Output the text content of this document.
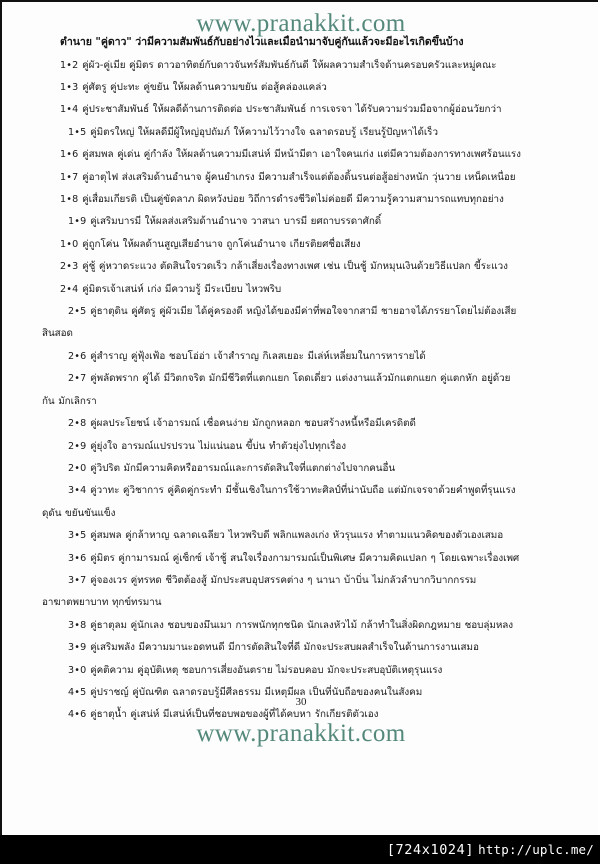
www.pranakkit.com
ตำนาย "คู่ดาว" ว่ามีความสัมพันธ์กับอย่างไวและเมื่อนำมาจับคู่กันแล้วจะมีอะไรเกิดขึ้นบ้าง
1•2 คู่ผัว-คู่เมีย คู่มิตร ดาวอาทิตย์กับดาวจันทร์สัมพันธ์กันดี ให้ผลความสำเร็จด้านครอบครัวและหมู่คณะ
1•3 คู่ศัตรู คู่ปะทะ คู่ขยัน ให้ผลด้านความขยัน ต่อสู้คล่องแคล่ว
1•4 คู่ประชาสัมพันธ์ ให้ผลดีด้านการติดต่อ ประชาสัมพันธ์ การเจรจา ได้รับความร่วมมือจากผู้อ่อนวัยกว่า
1•5 คู่มิตรใหญ่ ให้ผลดีมีผู้ใหญ่อุปถัมภ์ ให้ความไว้วางใจ ฉลาดรอบรู้ เรียนรู้ปัญหาได้เร็ว
1•6 คู่สมพล คู่เด่น คู่กำลัง ให้ผลด้านความมีเสน่ห์ มีหน้ามีตา เอาใจคนเก่ง แต่มีความต้องการทางเพศร้อนแรง
1•7 คู่อาตุไฟ ส่งเสริมด้านอำนาจ ผู้คนยำเกรง มีความสำเร็จแต่ต้องดิ้นรนต่อสู้อย่างหนัก วุ่นวาย เหน็ดเหนื่อย
1•8 คู่เสื่อมเกียรติ เป็นคู่ขัดลาภ ผิดหวังบ่อย วิถีการดำรงชีวิตไม่ค่อยดี มีความรู้ความสามารถแทบทุกอย่าง
1•9 คู่เสริมบารมี ให้ผลส่งเสริมด้านอำนาจ วาสนา บารมี ยศถาบรรดาศักดิ์
1•0 คู่ถูกโค่น ให้ผลด้านสูญเสียอำนาจ ถูกโค่นอำนาจ เกียรติยศชื่อเสียง
2•3 คู่ชู้ คู่หวาดระแวง ตัดสินใจรวดเร็ว กล้าเสี่ยงเรื่องทางเพศ เช่น เป็นชู้ มักหมุนเงินด้วยวิธีแปลก ขี้ระแวง
2•4 คู่มิตรเจ้าเสน่ห์ เก่ง มีความรู้ มีระเบียบ ไหวพริบ
2•5 คู่ธาตุดิน คู่ศัตรู คู่ผัวเมีย ได้คู่ครองดี หญิงได้ของมีค่าที่พอใจจากสามี ชายอาจได้ภรรยาโดยไม่ต้องเสีย
สินสอด
2•6 คู่สำราญ คู่ฟุ้งเฟ้อ ชอบโอ่อ่า เจ้าสำราญ กิเลสเยอะ มีเล่ห์เหลี่ยมในการหารายได้
2•7 คู่พลัดพราก คู่ได้ มีวิตกจริต มักมีชีวิตที่แตกแยก โดดเดี่ยว แต่งงานแล้วมักแตกแยก คู่แตกหัก อยู่ด้วย
กัน มักเลิกรา
2•8 คู่ผลประโยชน์ เจ้าอารมณ์ เชื่อคนง่าย มักถูกหลอก ชอบสร้างหนี้หรือมีเครดิตดี
2•9 คู่ยุ่งใจ อารมณ์แปรปรวน ไม่แน่นอน ขี้บ่น ทำตัวยุ่งไปทุกเรื่อง
2•0 คู่วิปริต มักมีความคิดหรืออารมณ์และการตัดสินใจที่แตกต่างไปจากคนอื่น
3•4 คู่วาทะ คู่วิชาการ คู่คิดคู่กระทำ มีชั้นเชิงในการใช้วาทะศิลป์ที่น่านับถือ แต่มักเจรจาด้วยคำพูดที่รุนแรง
ดุดัน ขยันขันแข็ง
3•5 คู่สมพล คู่กล้าหาญ ฉลาดเฉลียว ไหวพริบดี พลิกแพลงเก่ง หัวรุนแรง ทำตามแนวคิดของตัวเองเสมอ
3•6 คู่มิตร คู่กามารมณ์ คู่เซ็กซ์ เจ้าชู้ สนใจเรื่องกามารมณ์เป็นพิเศษ มีความคิดแปลก ๆ โดยเฉพาะเรื่องเพศ
3•7 คู่จองเวร คู่ทรหด ชีวิตต้องสู้ มักประสบอุปสรรคต่าง ๆ นานา บ้าบิ่น ไม่กลัวลำบากวิบากกรรม
อาฆาตพยาบาท ทุกข์ทรมาน
3•8 คู่ธาตุลม คู่นักเลง ชอบของมึนเมา การพนักทุกชนิด นักเลงหัวไม้ กล้าทำในสิ่งผิดกฎหมาย ชอบลุ่มหลง
3•9 คู่เสริมพลัง มีความมานะอดทนดี มีการตัดสินใจที่ดี มักจะประสบผลสำเร็จในด้านการงานเสมอ
3•0 คู่คติความ คู่อุบัติเหตุ ชอบการเสี่ยงอันตราย ไม่รอบคอบ มักจะประสบอุบัติเหตุรุนแรง
4•5 คู่ปราชญ์ คู่บัณฑิต ฉลาดรอบรู้มีศีลธรรม มีเหตุมีผล เป็นที่นับถือของคนในสังคม
4•6 คู่ธาตุน้ำ คู่เสน่ห์ มีเสน่ห์เป็นที่ชอบพอของผู้ที่ได้คบหา รักเกียรติตัวเอง
30
www.pranakkit.com
[724x1024] http://uplc.me/
